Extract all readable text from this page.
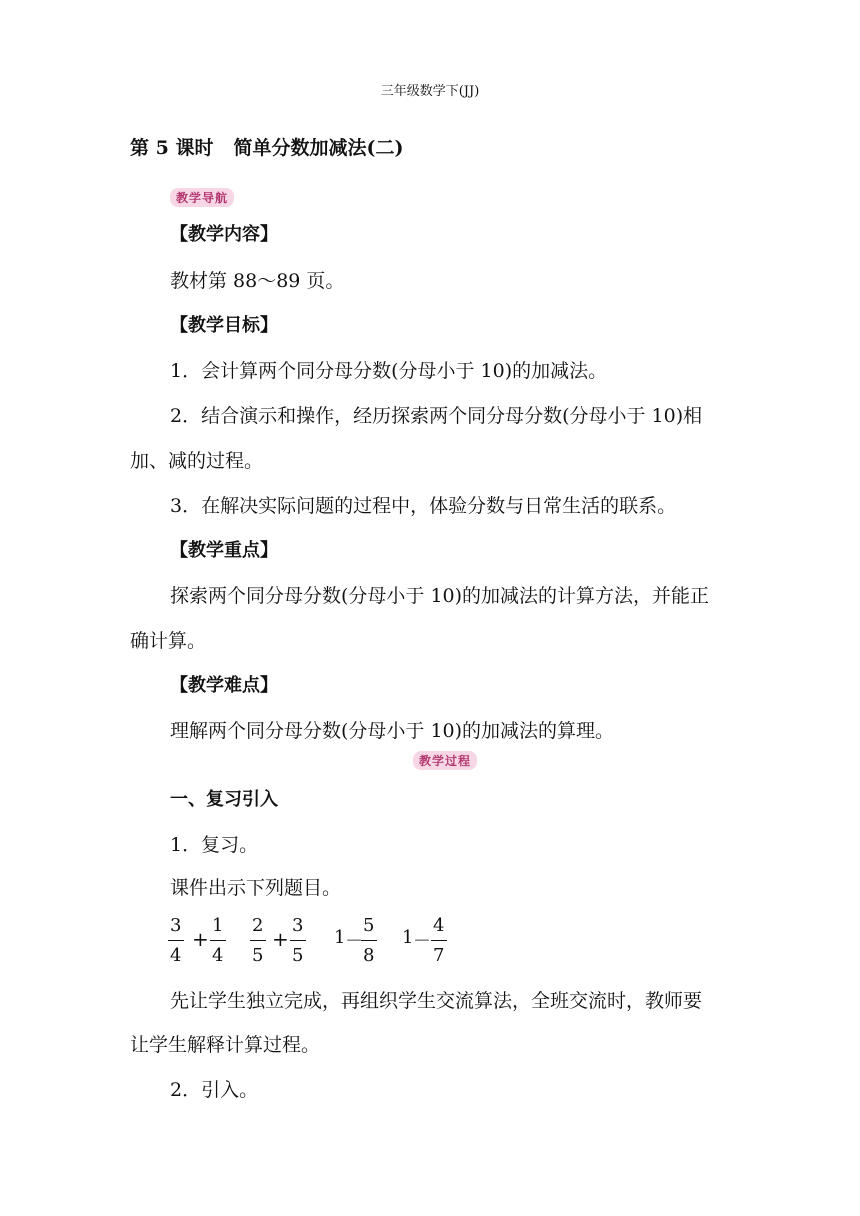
三年级数学下(JJ)
第 5 课时 简单分数加减法(二)
教学导航
【教学内容】
教材第 88～89 页。
【教学目标】
1．会计算两个同分母分数(分母小于 10)的加减法。
2．结合演示和操作，经历探索两个同分母分数(分母小于 10)相
加、减的过程。
3．在解决实际问题的过程中，体验分数与日常生活的联系。
【教学重点】
探索两个同分母分数(分母小于 10)的加减法的计算方法，并能正
确计算。
【教学难点】
理解两个同分母分数(分母小于 10)的加减法的算理。
教学过程
一、复习引入
1．复习。
课件出示下列题目。
3
4
+
1
4
2
5
+
3
5
1 －
5
8
1 －
4
7
先让学生独立完成，再组织学生交流算法，全班交流时，教师要
让学生解释计算过程。
2．引入。
